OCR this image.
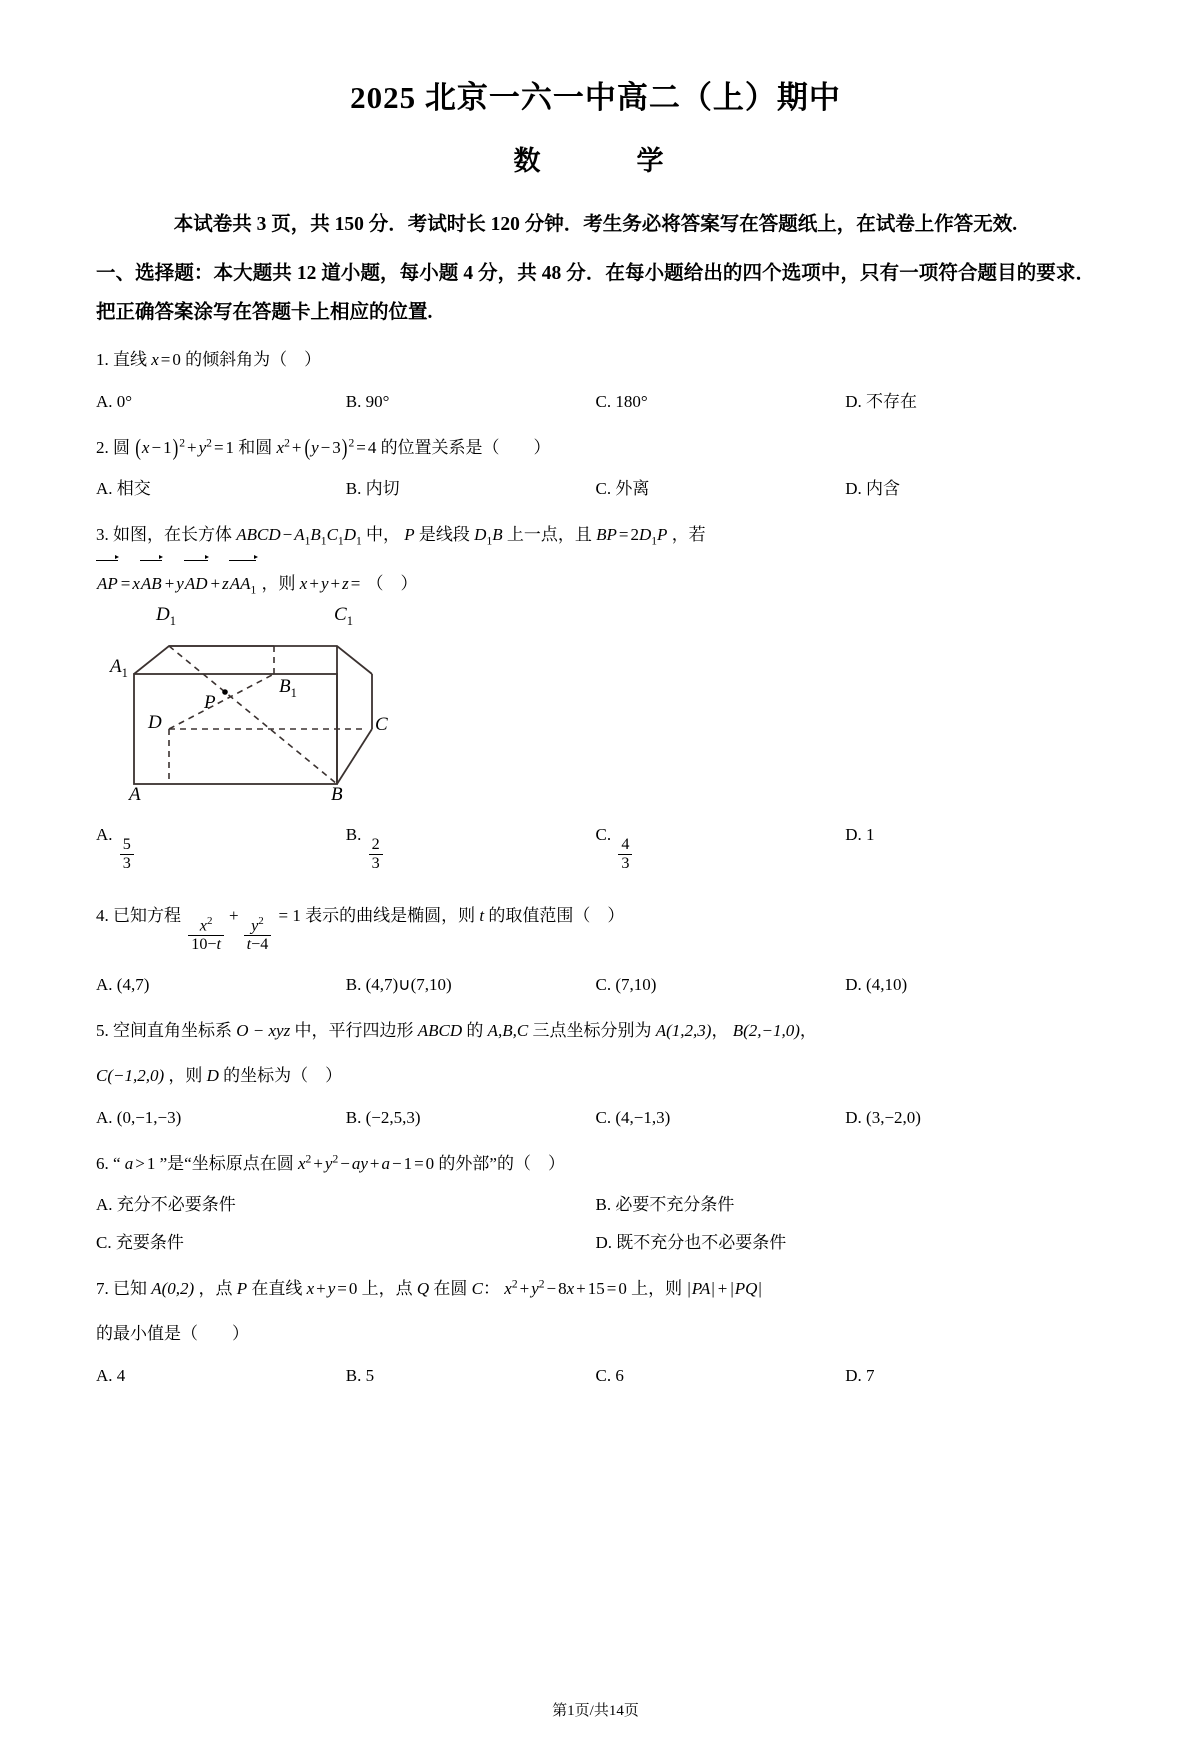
2025 北京一六一中高二（上）期中
数　　学
本试卷共 3 页，共 150 分．考试时长 120 分钟．考生务必将答案写在答题纸上，在试卷上作答无效.
一、选择题：本大题共 12 道小题，每小题 4 分，共 48 分．在每小题给出的四个选项中，只有一项符合题目的要求．把正确答案涂写在答题卡上相应的位置.
1. 直线 x = 0 的倾斜角为（　）
A. 0°	B. 90°	C. 180°	D. 不存在
2. 圆 $(x - 1)^2 + y^2 = 1$ 和圆 $x^2 + (y - 3)^2 = 4$ 的位置关系是（　　）
A. 相交	B. 内切	C. 外离	D. 内含
3. 如图，在长方体 ABCD − $A_1B_1C_1D_1$ 中， P 是线段 $D_1B$ 上一点，且 BP = $2D_1P$ ，若
AP = xAB + yAD + zAA$_1$ ，则 x + y + z = （　）
$D_1$	$C_1$
$A_1$
$B_1$
P
D	C
A	B
A.
$\frac{5}{3}$
B.
$\frac{2}{3}$
C.
$\frac{4}{3}$
D. 1
4. 已知方程 $\frac{x^2}{10-t} + \frac{y^2}{t-4} = 1$ 表示的曲线是椭圆，则 t 的取值范围（　）
A. (4,7)	B. (4,7)∪(7,10)	C. (7,10)	D. (4,10)
5. 空间直角坐标系 O − xyz 中，平行四边形 ABCD 的 A,B,C 三点坐标分别为 A(1,2,3)， B(2,−1,0)，
C(−1,2,0) ，则 D 的坐标为（　）
A. (0,−1,−3)	B. (−2,5,3)	C. (4,−1,3)	D. (3,−2,0)
6. “ a > 1 ”是“坐标原点在圆 $x^2 + y^2$ − ay + a − 1 = 0 的外部”的（　）
A. 充分不必要条件	B. 必要不充分条件
C. 充要条件	D. 既不充分也不必要条件
7. 已知 A(0,2) ，点 P 在直线 x + y = 0 上，点 Q 在圆 C： $x^2 + y^2 - 8x + 15 = 0$ 上，则 |PA| + |PQ|
的最小值是（　　）
A. 4	B. 5	C. 6	D. 7
第1页/共14页
